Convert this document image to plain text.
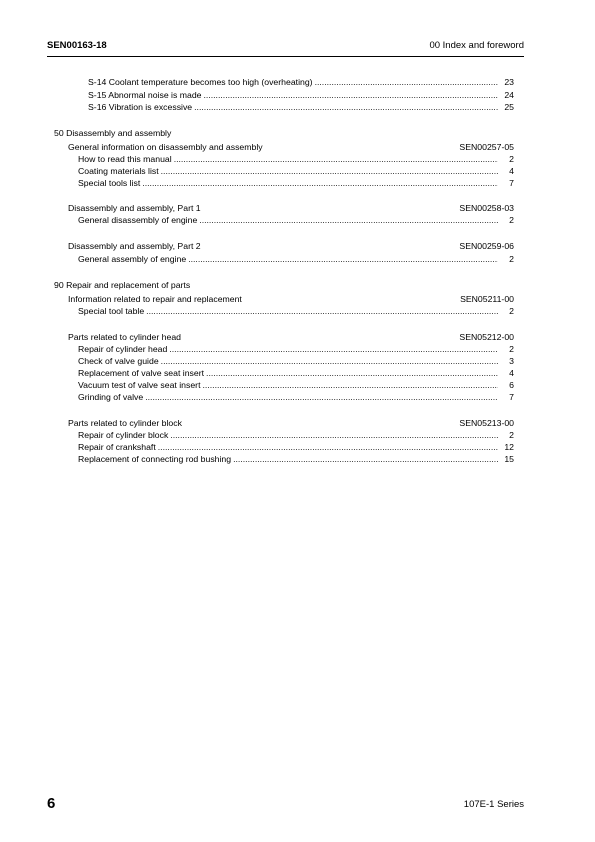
SEN00163-18	00 Index and foreword
S-14 Coolant temperature becomes too high (overheating) .....	23
S-15 Abnormal noise is made .....	24
S-16 Vibration is excessive .....	25
50 Disassembly and assembly
General information on disassembly and assembly	SEN00257-05
How to read this manual .....	2
Coating materials list .....	4
Special tools list .....	7
Disassembly and assembly, Part 1	SEN00258-03
General disassembly of engine .....	2
Disassembly and assembly, Part 2	SEN00259-06
General assembly of engine .....	2
90 Repair and replacement of parts
Information related to repair and replacement	SEN05211-00
Special tool table .....	2
Parts related to cylinder head	SEN05212-00
Repair of cylinder head .....	2
Check of valve guide .....	3
Replacement of valve seat insert .....	4
Vacuum test of valve seat insert .....	6
Grinding of valve .....	7
Parts related to cylinder block	SEN05213-00
Repair of cylinder block .....	2
Repair of crankshaft .....	12
Replacement of connecting rod bushing .....	15
6	107E-1 Series
